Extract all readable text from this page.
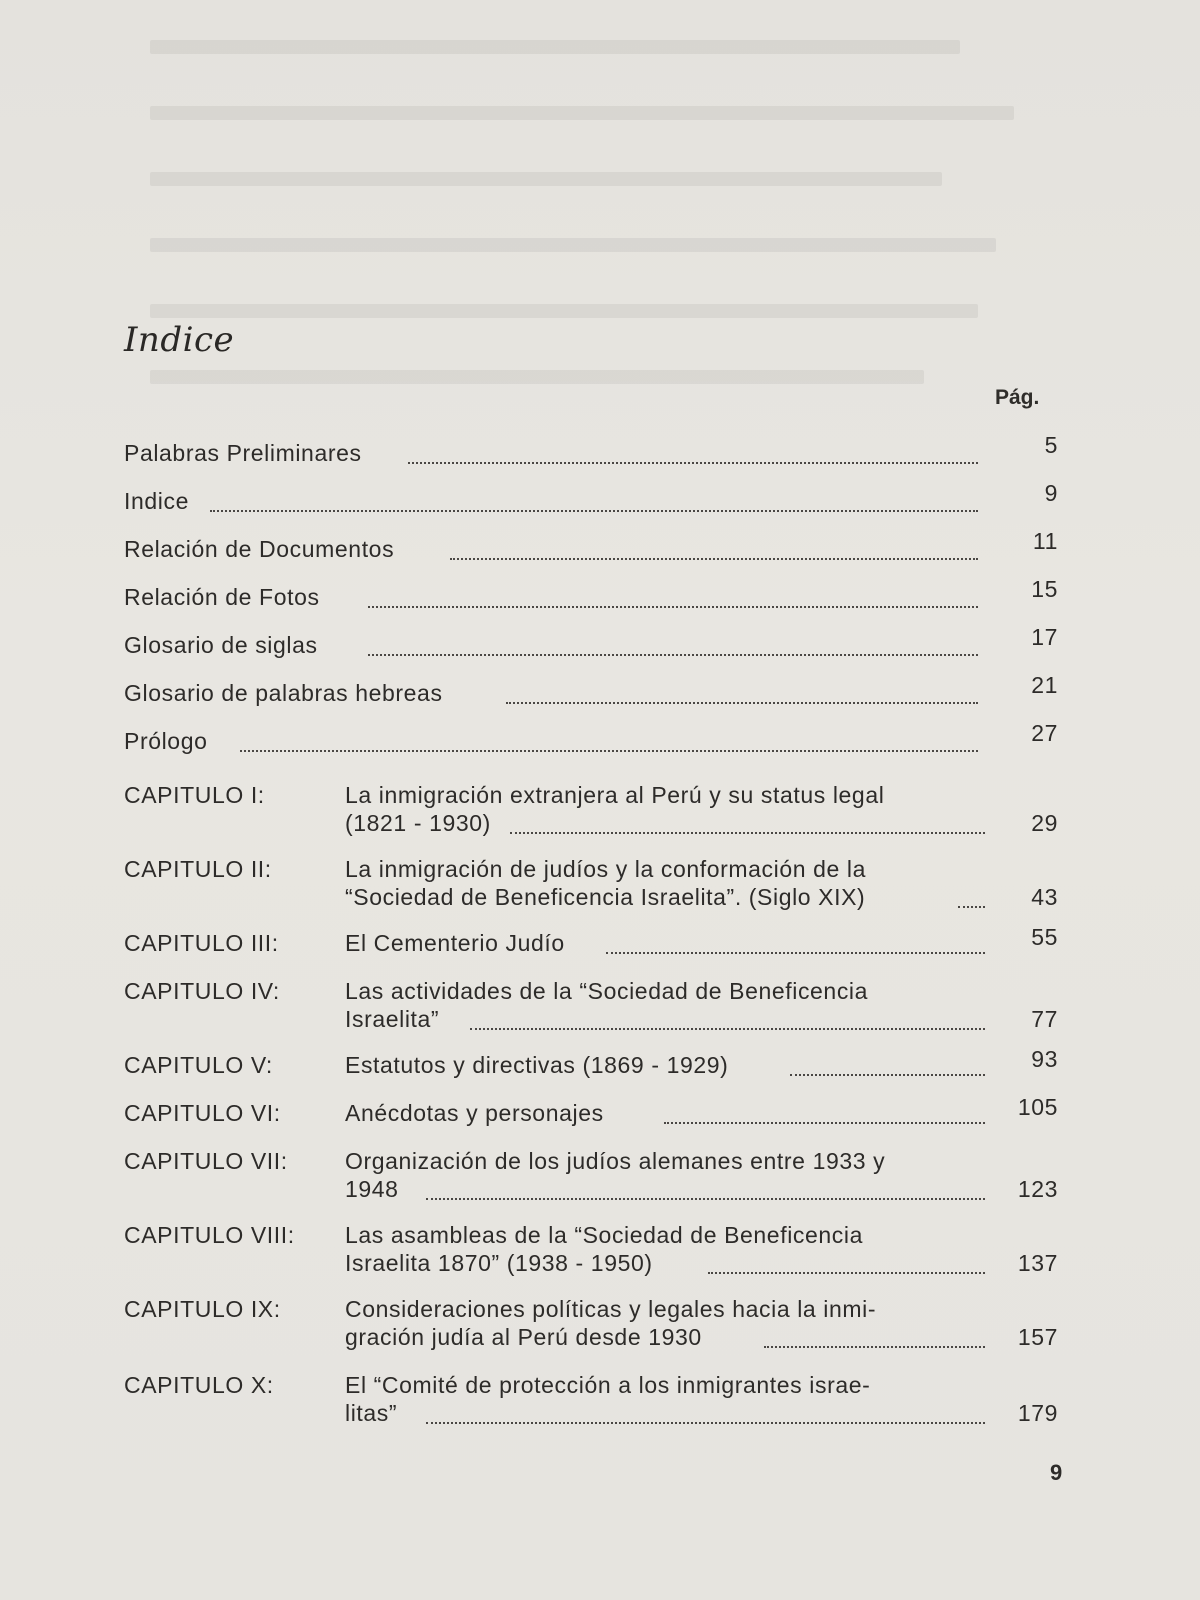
Indice
Pág.
Palabras Preliminares	5
Indice	9
Relación de Documentos	11
Relación de Fotos	15
Glosario de siglas	17
Glosario de palabras hebreas	21
Prólogo	27
CAPITULO I:	La inmigración extranjera al Perú y su status legal
(1821 - 1930)	29
CAPITULO II:	La inmigración de judíos y la conformación de la
“Sociedad de Beneficencia Israelita”. (Siglo XIX)	43
CAPITULO III:	El Cementerio Judío	55
CAPITULO IV:	Las actividades de la “Sociedad de Beneficencia
Israelita”	77
CAPITULO V:	Estatutos y directivas (1869 - 1929)	93
CAPITULO VI:	Anécdotas y personajes	105
CAPITULO VII: Organización de los judíos alemanes entre 1933 y
1948	123
CAPITULO VIII: Las asambleas de la “Sociedad de Beneficencia
Israelita 1870” (1938 - 1950)	137
CAPITULO IX:	Consideraciones políticas y legales hacia la inmi-
gración judía al Perú desde 1930	157
CAPITULO X:	El “Comité de protección a los inmigrantes israe-
litas”	179
9
